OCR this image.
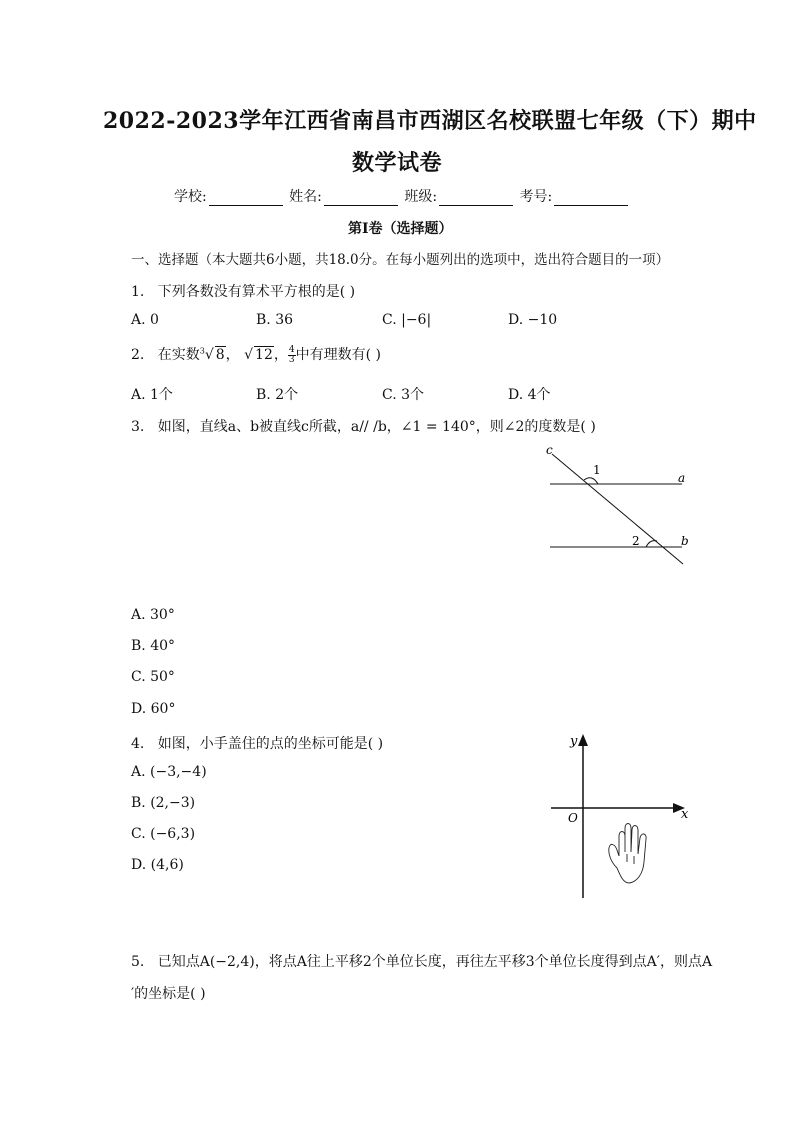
2022-2023学年江西省南昌市西湖区名校联盟七年级（下）期中
数学试卷
学校:	姓名:	班级:	考号:
第I卷（选择题）
一、选择题（本大题共6小题，共18.0分。在每小题列出的选项中，选出符合题目的一项）
1. 下列各数没有算术平方根的是( )
A. 0	B. 36	C. |−6|	D. −10
2. 在实数$^3$√ 8， √ 12， $\frac{4}{3}$ 中有理数有( )
A. 1个	B. 2个	C. 3个	D. 4个
3. 如图，直线a、b被直线c所截，a// /b，∠1 = 140°，则∠2的度数是( )
c
1
a
2	b
A. 30°
B. 40°
C. 50°
D. 60°
4. 如图，小手盖住的点的坐标可能是( )
A. (−3,−4)
B. (2,−3)
C. (−6,3)
D. (4,6)
y
x
O
5. 已知点A(−2,4)，将点A往上平移2个单位长度，再往左平移3个单位长度得到点A′，则点A
′的坐标是( )
